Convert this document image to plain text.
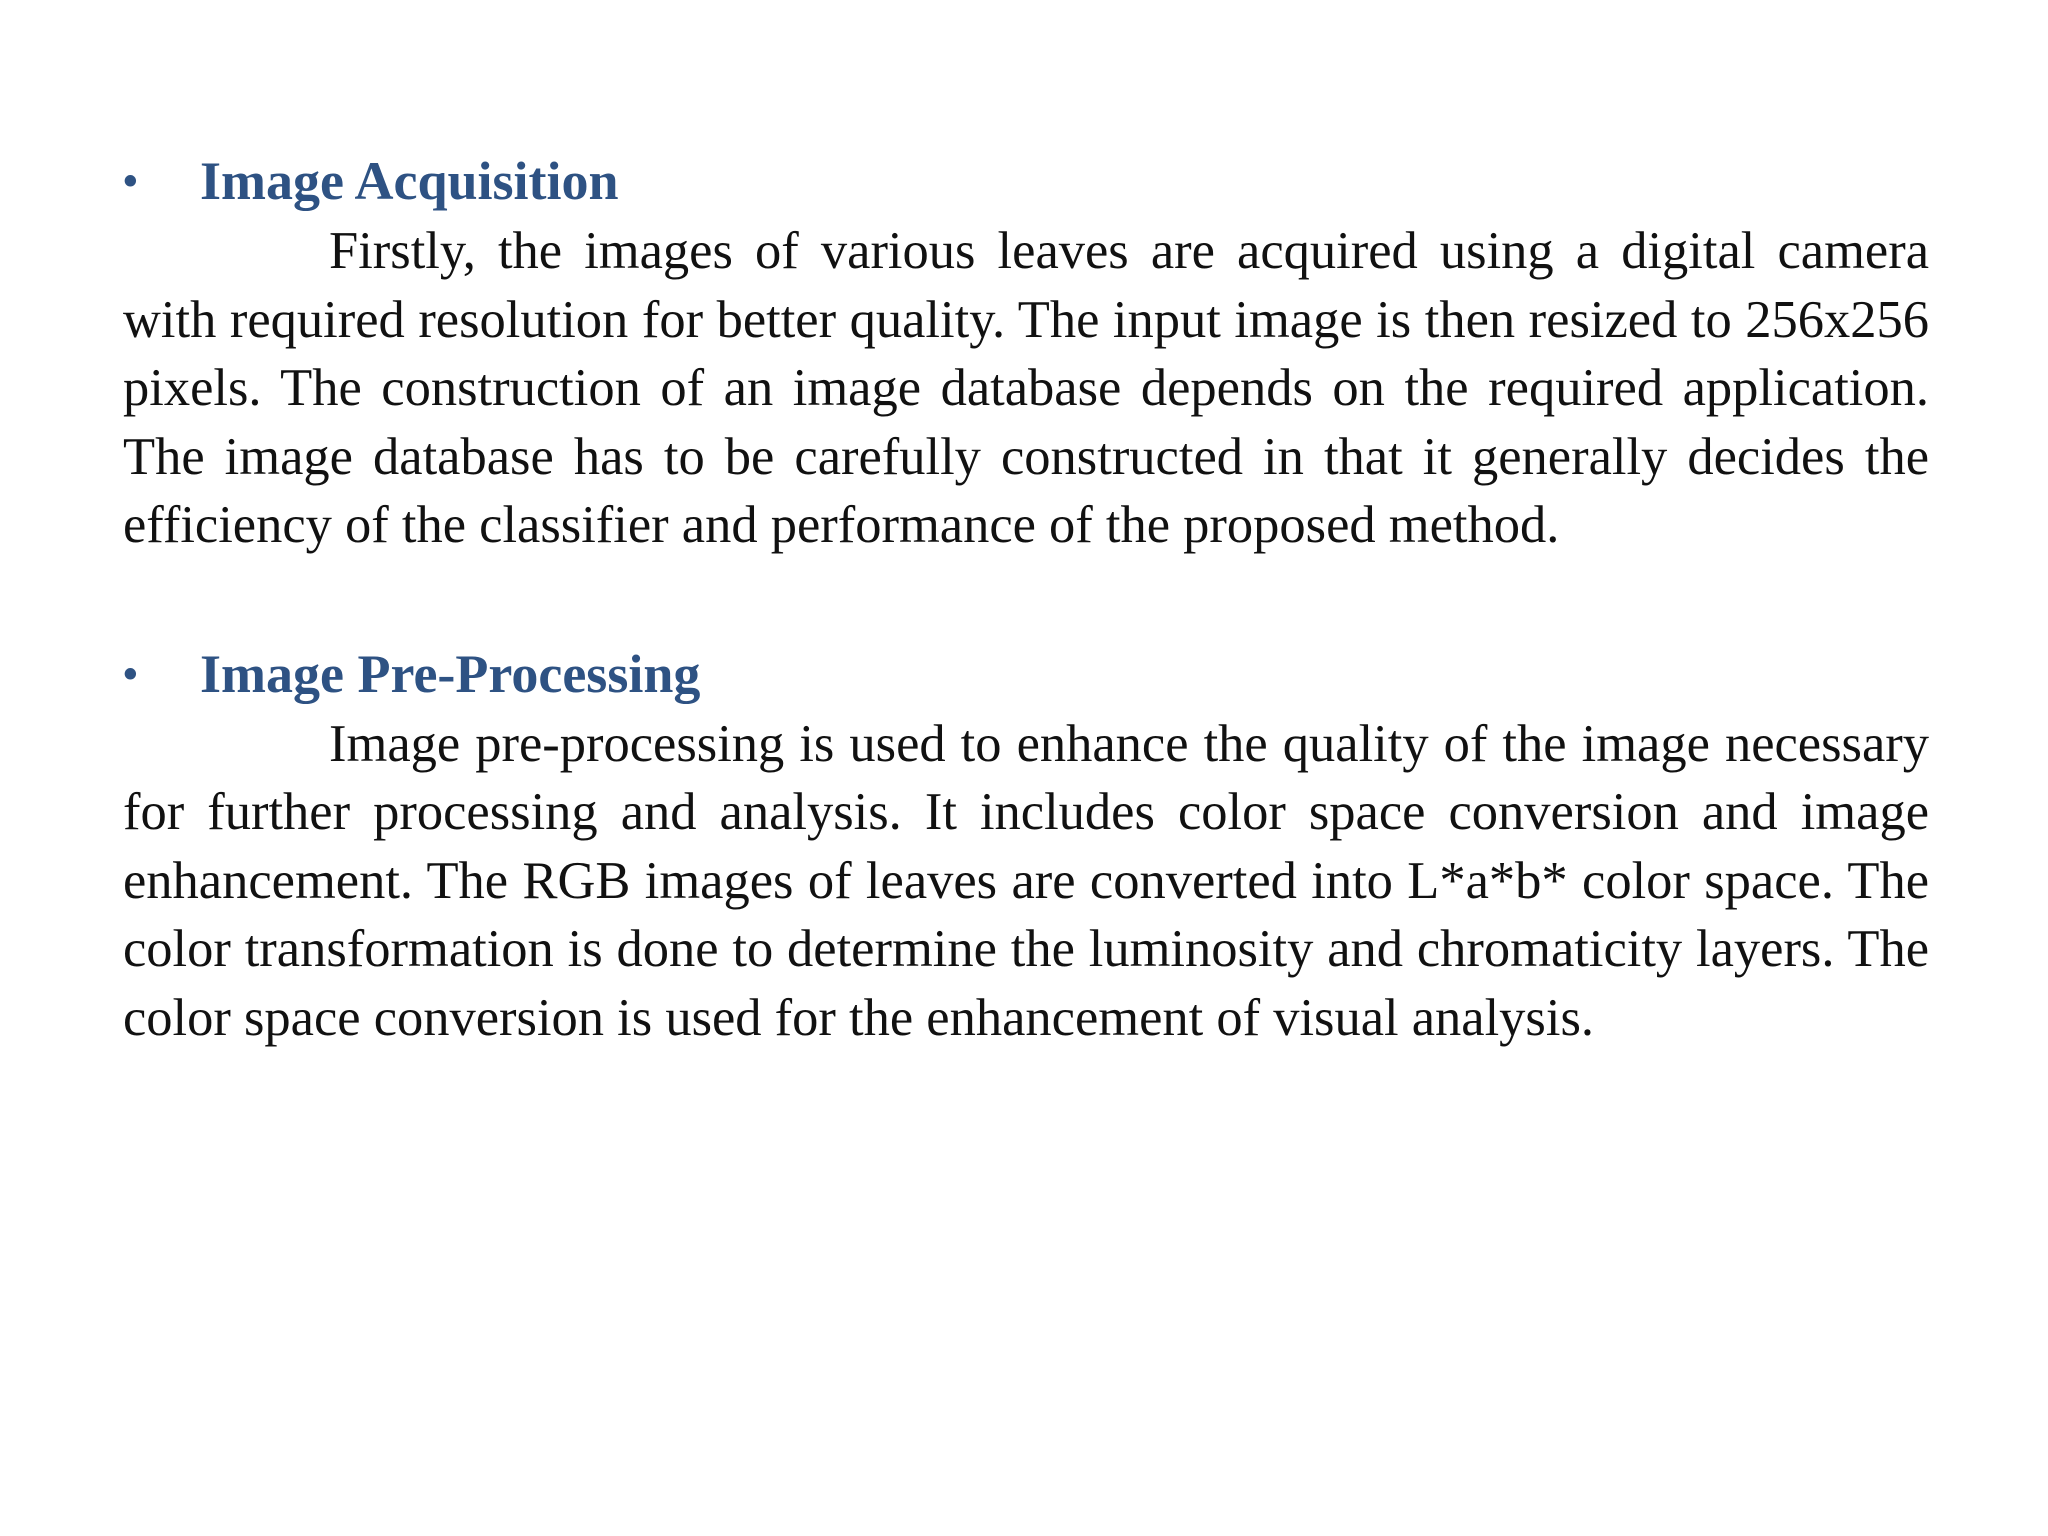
•	Image Acquisition

Firstly, the images of various leaves are acquired using a digital camera with required resolution for better quality. The input image is then resized to 256x256 pixels. The construction of an image database depends on the required application. The image database has to be carefully constructed in that it generally decides the efficiency of the classifier and performance of the proposed method.

•	Image Pre-Processing

Image pre-processing is used to enhance the quality of the image necessary for further processing and analysis. It includes color space conversion and image enhancement. The RGB images of leaves are converted into L*a*b* color space. The color transformation is done to determine the luminosity and chromaticity layers. The color space conversion is used for the enhancement of visual analysis.
